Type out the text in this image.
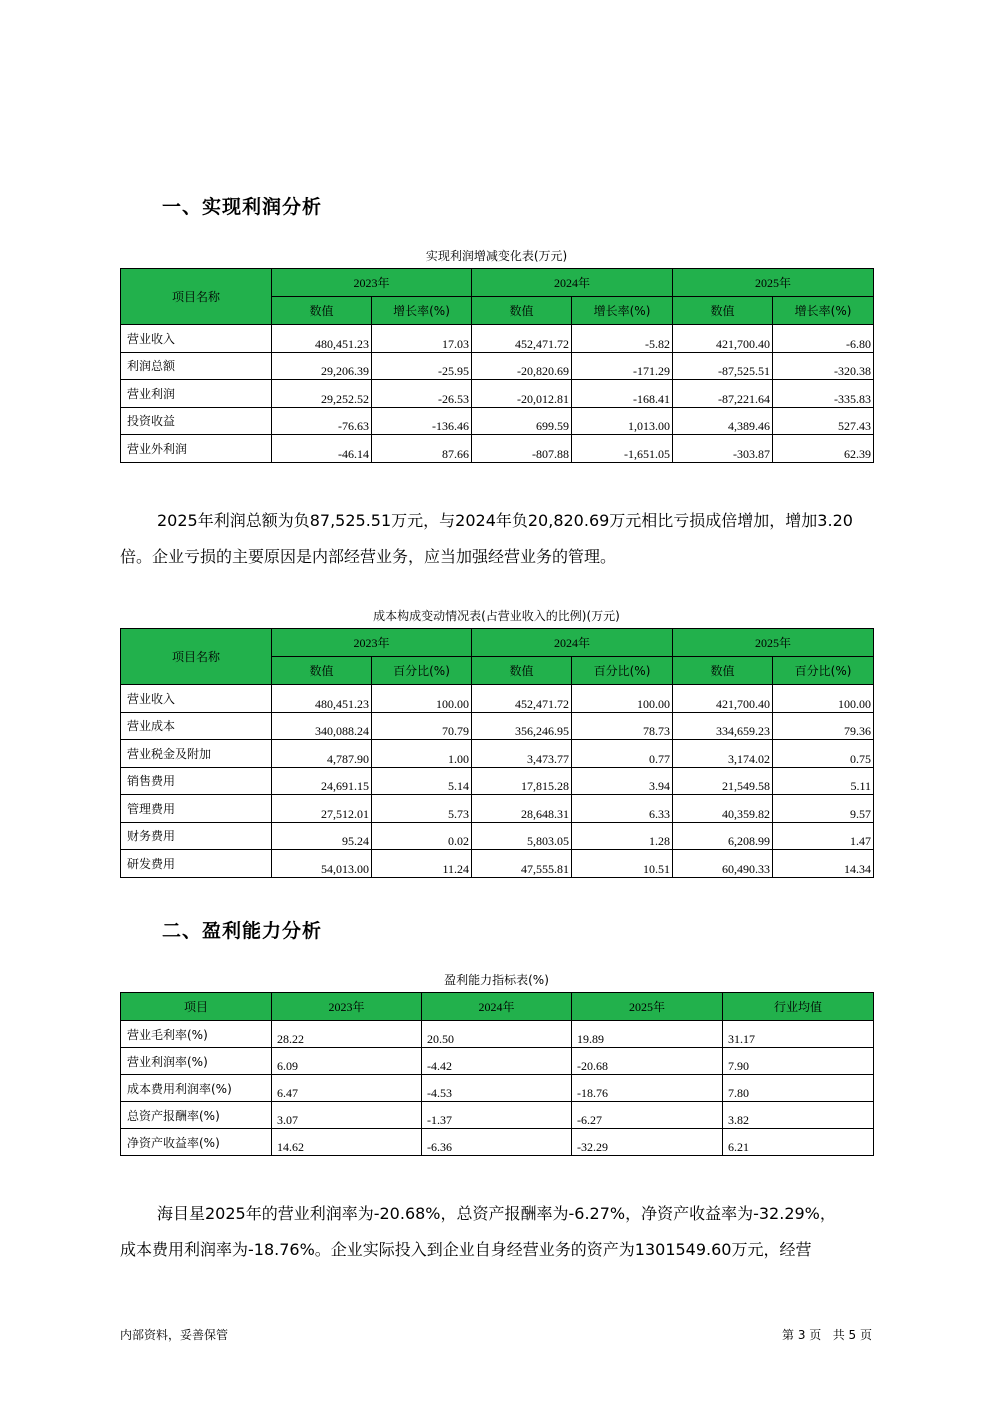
一、实现利润分析
实现利润增减变化表(万元)
项目名称	2023年		2024年		2025年	
	数值	增长率(%)	数值	增长率(%)	数值	增长率(%)
营业收入	480,451.23	17.03	452,471.72	-5.82	421,700.40	-6.80
利润总额	29,206.39	-25.95	-20,820.69	-171.29	-87,525.51	-320.38
营业利润	29,252.52	-26.53	-20,012.81	-168.41	-87,221.64	-335.83
投资收益	-76.63	-136.46	699.59	1,013.00	4,389.46	527.43
营业外利润	-46.14	87.66	-807.88	-1,651.05	-303.87	62.39
2025年利润总额为负87,525.51万元，与2024年负20,820.69万元相比亏损成倍增加，增加3.20
倍。企业亏损的主要原因是内部经营业务，应当加强经营业务的管理。
成本构成变动情况表(占营业收入的比例)(万元)
项目名称	2023年		2024年		2025年	
	数值	百分比(%)	数值	百分比(%)	数值	百分比(%)
营业收入	480,451.23	100.00	452,471.72	100.00	421,700.40	100.00
营业成本	340,088.24	70.79	356,246.95	78.73	334,659.23	79.36
营业税金及附加	4,787.90	1.00	3,473.77	0.77	3,174.02	0.75
销售费用	24,691.15	5.14	17,815.28	3.94	21,549.58	5.11
管理费用	27,512.01	5.73	28,648.31	6.33	40,359.82	9.57
财务费用	95.24	0.02	5,803.05	1.28	6,208.99	1.47
研发费用	54,013.00	11.24	47,555.81	10.51	60,490.33	14.34
二、盈利能力分析
盈利能力指标表(%)
项目	2023年	2024年	2025年	行业均值
营业毛利率(%)	28.22	20.50	19.89	31.17
营业利润率(%)	6.09	-4.42	-20.68	7.90
成本费用利润率(%)	6.47	-4.53	-18.76	7.80
总资产报酬率(%)	3.07	-1.37	-6.27	3.82
净资产收益率(%)	14.62	-6.36	-32.29	6.21
海目星2025年的营业利润率为-20.68%，总资产报酬率为-6.27%，净资产收益率为-32.29%，
成本费用利润率为-18.76%。企业实际投入到企业自身经营业务的资产为1301549.60万元，经营
内部资料，妥善保管	第 3 页   共 5 页
